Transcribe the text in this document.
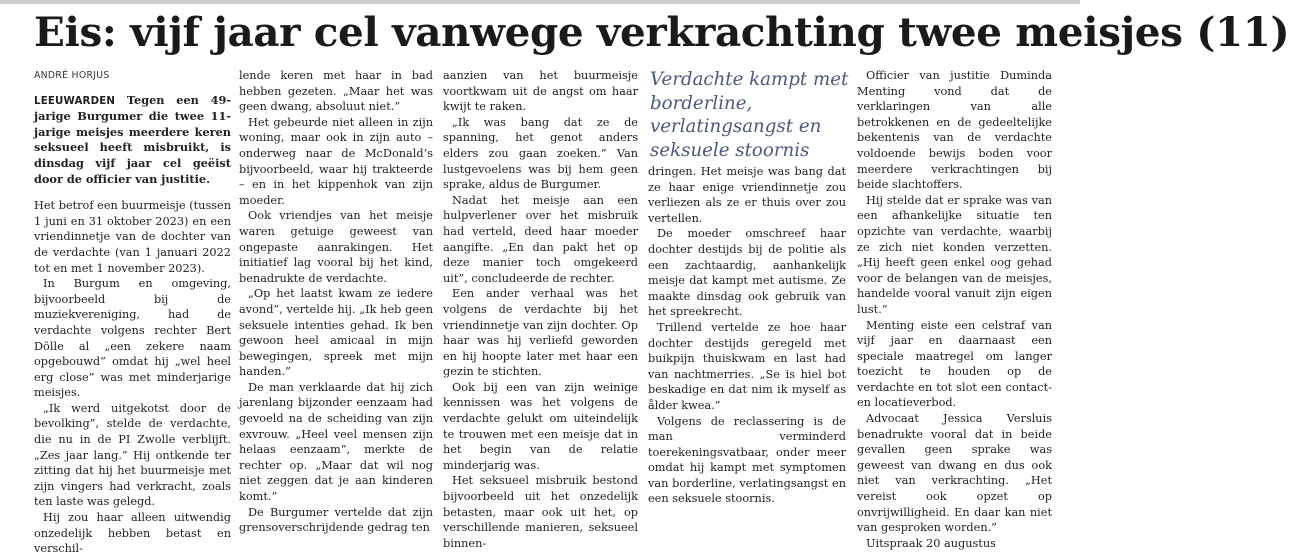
Eis: vijf jaar cel vanwege verkrachting twee meisjes (11)
ANDRÉ HORJUS

LEEUWARDEN Tegen een 49-jarige Burgumer die twee 11-jarige meisjes meerdere keren seksueel heeft misbruikt, is dinsdag vijf jaar cel geëist door de officier van justitie.

Het betrof een buurmeisje (tussen 1 juni en 31 oktober 2023) en een vriendinnetje van de dochter van de verdachte (van 1 januari 2022 tot en met 1 november 2023).

In Burgum en omgeving, bijvoorbeeld bij de muziekvereniging, had de verdachte volgens rechter Bert Dölle al „een zekere naam opgebouwd” omdat hij „wel heel erg close” was met minderjarige meisjes.

„Ik werd uitgekotst door de bevolking”, stelde de verdachte, die nu in de PI Zwolle verblijft. „Zes jaar lang.” Hij ontkende ter zitting dat hij het buurmeisje met zijn vingers had verkracht, zoals ten laste was gelegd.

Hij zou haar alleen uitwendig onzedelijk hebben betast en verschil-

lende keren met haar in bad hebben gezeten. „Maar het was geen dwang, absoluut niet.”

Het gebeurde niet alleen in zijn woning, maar ook in zijn auto – onderweg naar de McDonald’s bijvoorbeeld, waar hij trakteerde – en in het kippenhok van zijn moeder.

Ook vriendjes van het meisje waren getuige geweest van ongepaste aanrakingen. Het initiatief lag vooral bij het kind, benadrukte de verdachte.

„Op het laatst kwam ze iedere avond”, vertelde hij. „Ik heb geen seksuele intenties gehad. Ik ben gewoon heel amicaal in mijn bewegingen, spreek met mijn handen.”

De man verklaarde dat hij zich jarenlang bijzonder eenzaam had gevoeld na de scheiding van zijn exvrouw. „Heel veel mensen zijn helaas eenzaam”, merkte de rechter op. „Maar dat wil nog niet zeggen dat je aan kinderen komt.”

De Burgumer vertelde dat zijn grensoverschrijdende gedrag ten

aanzien van het buurmeisje voortkwam uit de angst om haar kwijt te raken.

„Ik was bang dat ze de spanning, het genot anders elders zou gaan zoeken.” Van lustgevoelens was bij hem geen sprake, aldus de Burgumer.

Nadat het meisje aan een hulpverlener over het misbruik had verteld, deed haar moeder aangifte. „En dan pakt het op deze manier toch omgekeerd uit”, concludeerde de rechter.

Een ander verhaal was het volgens de verdachte bij het vriendinnetje van zijn dochter. Op haar was hij verliefd geworden en hij hoopte later met haar een gezin te stichten.

Ook bij een van zijn weinige kennissen was het volgens de verdachte gelukt om uiteindelijk te trouwen met een meisje dat in het begin van de relatie minderjarig was.

Het seksueel misbruik bestond bijvoorbeeld uit het onzedelijk betasten, maar ook uit het, op verschillende manieren, seksueel binnen-

Verdachte kampt met borderline, verlatingsangst en seksuele stoornis

dringen. Het meisje was bang dat ze haar enige vriendinnetje zou verliezen als ze er thuis over zou vertellen.

De moeder omschreef haar dochter destijds bij de politie als een zachtaardig, aanhankelijk meisje dat kampt met autisme. Ze maakte dinsdag ook gebruik van het spreekrecht.

Trillend vertelde ze hoe haar dochter destijds geregeld met buikpijn thuiskwam en last had van nachtmerries. „Se is hiel bot beskadige en dat nim ik myself as ålder kwea.”

Volgens de reclassering is de man verminderd toerekeningsvatbaar, onder meer omdat hij kampt met symptomen van borderline, verlatingsangst en een seksuele stoornis.

Officier van justitie Duminda Menting vond dat de verklaringen van alle betrokkenen en de gedeeltelijke bekentenis van de verdachte voldoende bewijs boden voor meerdere verkrachtingen bij beide slachtoffers.

Hij stelde dat er sprake was van een afhankelijke situatie ten opzichte van verdachte, waarbij ze zich niet konden verzetten. „Hij heeft geen enkel oog gehad voor de belangen van de meisjes, handelde vooral vanuit zijn eigen lust.”

Menting eiste een celstraf van vijf jaar en daarnaast een speciale maatregel om langer toezicht te houden op de verdachte en tot slot een contact- en locatieverbod.

Advocaat Jessica Versluis benadrukte vooral dat in beide gevallen geen sprake was geweest van dwang en dus ook niet van verkrachting. „Het vereist ook opzet op onvrijwilligheid. En daar kan niet van gesproken worden.”

Uitspraak 20 augustus
